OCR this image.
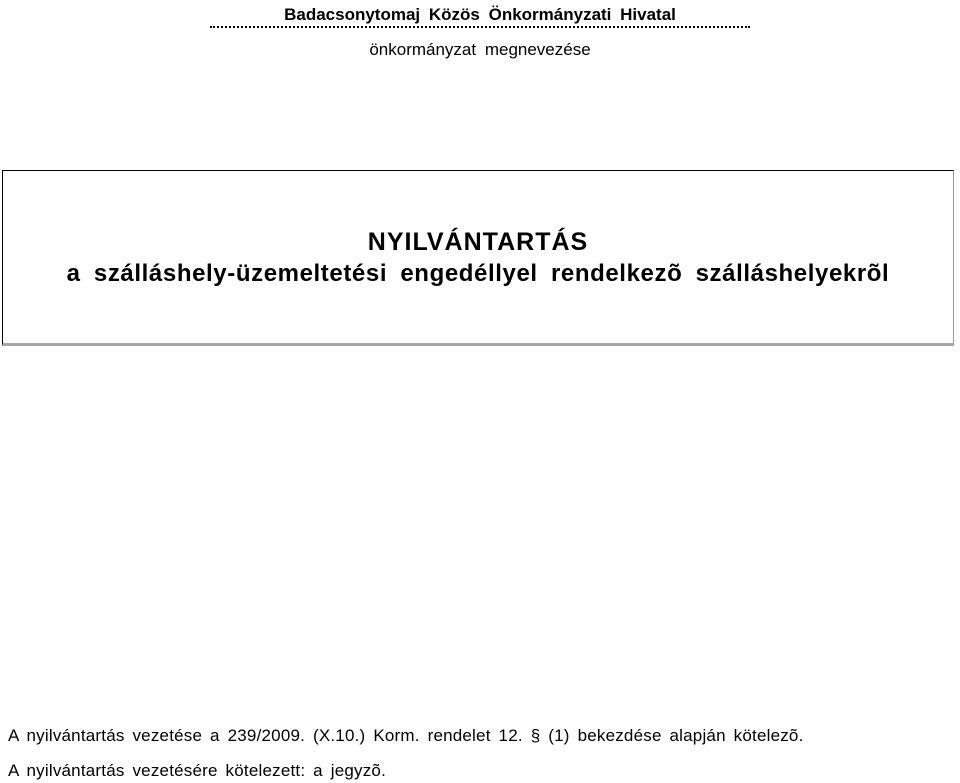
Badacsonytomaj Közös Önkormányzati Hivatal
önkormányzat megnevezése
NYILVÁNTARTÁS
a szálláshely-üzemeltetési engedéllyel rendelkezõ szálláshelyekrõl
A nyilvántartás vezetése a 239/2009. (X.10.) Korm. rendelet 12. § (1) bekezdése alapján kötelezõ.
A nyilvántartás vezetésére kötelezett: a jegyzõ.
